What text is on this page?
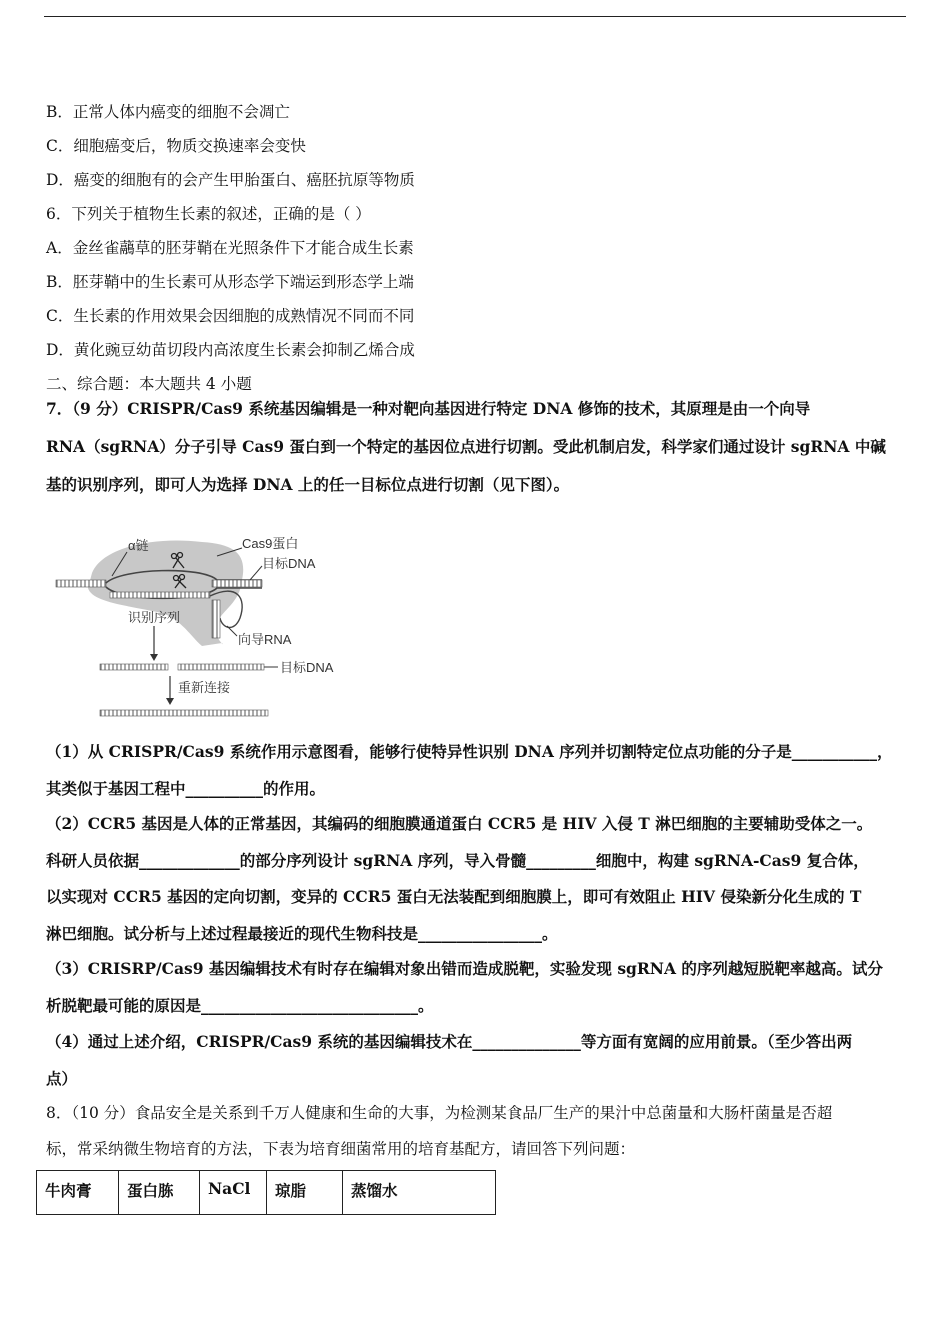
B．正常人体内癌变的细胞不会凋亡
C．细胞癌变后，物质交换速率会变快
D．癌变的细胞有的会产生甲胎蛋白、癌胚抗原等物质
6．下列关于植物生长素的叙述，正确的是（ ）
A．金丝雀虉草的胚芽鞘在光照条件下才能合成生长素
B．胚芽鞘中的生长素可从形态学下端运到形态学上端
C．生长素的作用效果会因细胞的成熟情况不同而不同
D．黄化豌豆幼苗切段内高浓度生长素会抑制乙烯合成
二、综合题：本大题共 4 小题
7．（9 分）CRISPR/Cas9 系统基因编辑是一种对靶向基因进行特定 DNA 修饰的技术，其原理是由一个向导
RNA（sgRNA）分子引导 Cas9 蛋白到一个特定的基因位点进行切割。受此机制启发，科学家们通过设计 sgRNA 中碱
基的识别序列，即可人为选择 DNA 上的任一目标位点进行切割（见下图）。
α链	Cas9蛋白
目标DNA
识别序列
向导RNA
目标DNA
重新连接
（1）从 CRISPR/Cas9 系统作用示意图看，能够行使特异性识别 DNA 序列并切割特定位点功能的分子是___________，
其类似于基因工程中__________的作用。
（2）CCR5 基因是人体的正常基因，其编码的细胞膜通道蛋白 CCR5 是 HIV 入侵 T 淋巴细胞的主要辅助受体之一。
科研人员依据_____________的部分序列设计 sgRNA 序列，导入骨髓_________细胞中，构建 sgRNA-Cas9 复合体，
以实现对 CCR5 基因的定向切割，变异的 CCR5 蛋白无法装配到细胞膜上，即可有效阻止 HIV 侵染新分化生成的 T
淋巴细胞。试分析与上述过程最接近的现代生物科技是________________。
（3）CRISRP/Cas9 基因编辑技术有时存在编辑对象出错而造成脱靶，实验发现 sgRNA 的序列越短脱靶率越高。试分
析脱靶最可能的原因是____________________________。
（4）通过上述介绍，CRISPR/Cas9 系统的基因编辑技术在______________等方面有宽阔的应用前景。（至少答出两
点）
8．（10 分）食品安全是关系到千万人健康和生命的大事，为检测某食品厂生产的果汁中总菌量和大肠杆菌量是否超
标，常采纳微生物培育的方法，下表为培育细菌常用的培育基配方，请回答下列问题：
牛肉膏	蛋白胨	NaCl	琼脂	蒸馏水
